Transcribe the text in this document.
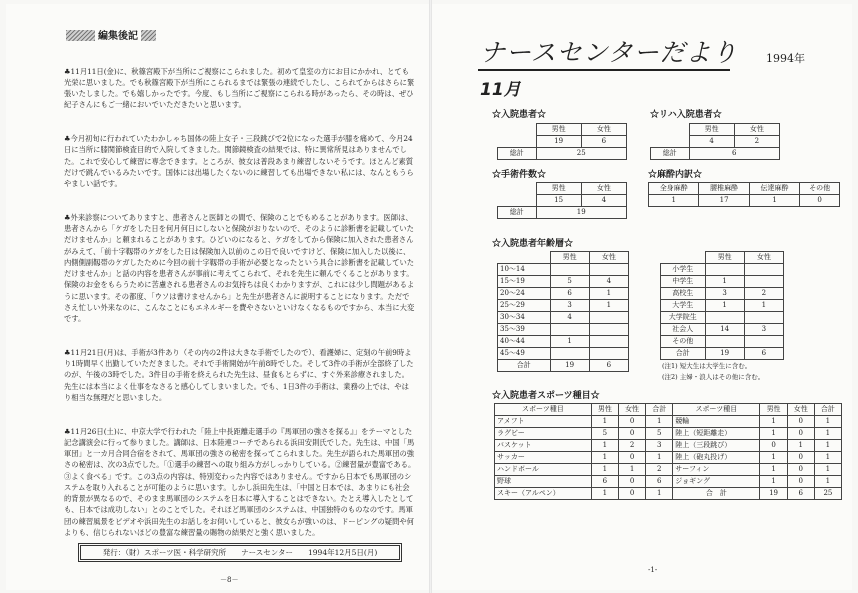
編集後記

♣11月11日(金)に、秋篠宮殿下が当所にご視察にこられました。初めて皇室の方にお目にかかれ、とても光栄に思いました。でも秋篠宮殿下が当所にこられるまでは緊張の連続でしたし、こられてからはさらに緊張いたしました。でも嬉しかったです。今度、もし当所にご視察にこられる時があったら、その時は、ぜひ紀子さんにもご一緒においでいただきたいと思います。

♣今月初旬に行われていたわかしゃち国体の陸上女子・三段跳びで2位になった選手が膝を痛めて、今月24日に当所に膝関節検査目的で入院してきました。関節鏡検査の結果では、特に異常所見はありませんでした。これで安心して練習に専念できます。ところが、彼女は普段あまり練習しないそうです。ほとんど素質だけで跳んでいるみたいです。国体には出場したくないのに練習しても出場できない私には、なんともうらやましい話です。

♣外来診察についてありますと、患者さんと医師との間で、保険のことでもめることがあります。医師は、患者さんから「ケガをした日を何月何日にしないと保険がおりないので、そのように診断書を記載していただけませんか」と頼まれることがあります。ひどいのになると、ケガをしてから保険に加入された患者さんがみえて、「前十字靱帯のケガをした日は保険加入以前のこの日で良いですけど、保険に加入した以後に、内側側副靱帯のケガしたために今回の前十字靱帯の手術が必要となったという具合に診断書を記載していただけませんか」と話の内容を患者さんが事前に考えてこられて、それを先生に頼んでくることがあります。保険のお金をもらうために苦慮される患者さんのお気持ちは良くわかりますが、これには少し問題があるように思います。その都度、「ウソは書けませんから」と先生が患者さんに説明することになります。ただでさえ忙しい外来なのに、こんなことにもエネルギーを費やさないといけなくなるものですから、本当に大変です。

♣11月21日(月)は、手術が3件あり（その内の2件は大きな手術でしたので）、看護婦に、定刻の午前9時より1時間早く出勤していただきました。それで手術開始が午前8時でした。そして3件の手術が全部終了したのが、午後の3時でした。3件目の手術を終えられた先生は、昼食もとらずに、すぐ外来診療されました。先生には本当によく仕事をなさると感心してしまいました。でも、1日3件の手術は、業務の上では、やはり相当な無理だと思いました。

♣11月26日(土)に、中京大学で行われた「陸上中長距離走選手の『馬軍団の強さを探る』」をテーマとした記念講演会に行って参りました。講師は、日本陸連コーチであられる浜田安則氏でした。先生は、中国「馬軍団」と一カ月合同合宿をされて、馬軍団の強さの秘密を探ってこられました。先生が語られた馬軍団の強さの秘密は、次の3点でした。「①選手の練習への取り組み方がしっかりしている。②練習量が豊富である。③よく食べる」です。この3点の内容は、特別変わった内容ではありません。ですから日本でも馬軍団のシステムを取り入れることが可能のように思います。しかし浜田先生は、「中国と日本では、あまりにも社会的背景が異なるので、そのまま馬軍団のシステムを日本に導入することはできない。たとえ導入したとしても、日本では成功しない」とのことでした。それほど馬軍団のシステムは、中国独特のものなのです。馬軍団の練習風景をビデオや浜田先生のお話しをお伺いしていると、彼女らが強いのは、ドーピングの疑問や何よりも、信じられないほどの豊富な練習量の賜物の結果だと強く思いました。

発行：（財）スポーツ医・科学研究所　　ナースセンター　　1994年12月5日(月)
－8－
ナースセンターだより	1994年
11月
☆入院患者☆
	男性	女性
	19	6
総計	25	
☆リハ入院患者☆
	男性	女性
	4	2
総計	6	
☆手術件数☆
	男性	女性
	15	4
総計	19	
☆麻酔内訳☆
全身麻酔	腰椎麻酔	伝達麻酔	その他
1	17	1	0
☆入院患者年齢層☆
	男性	女性
10～14		
15～19	5	4
20～24	6	1
25～29	3	1
30～34	4	
35～39		
40～44	1	
45～49		
合計	19	6
	男性	女性
小学生		
中学生	1	
高校生	3	2
大学生	1	1
大学院生		
社会人	14	3
その他		
合計	19	6
(注1) 短大生は大学生に含む。
(注2) 主婦・浪人はその他に含む。
☆入院患者スポーツ種目☆
スポーツ種目	男性	女性	合計	スポーツ種目	男性	女性	合計
アメフト	1	0	1	競輪	1	0	1
ラグビー	5	0	5	陸上（短距離走）	1	0	1
バスケット	1	2	3	陸上（三段跳び）	0	1	1
サッカー	1	0	1	陸上（砲丸投げ）	1	0	1
ハンドボール	1	1	2	サーフィン	1	0	1
野球	6	0	6	ジョギング	1	0	1
スキー（アルペン）	1	0	1	合　計	19	6	25
-1-
